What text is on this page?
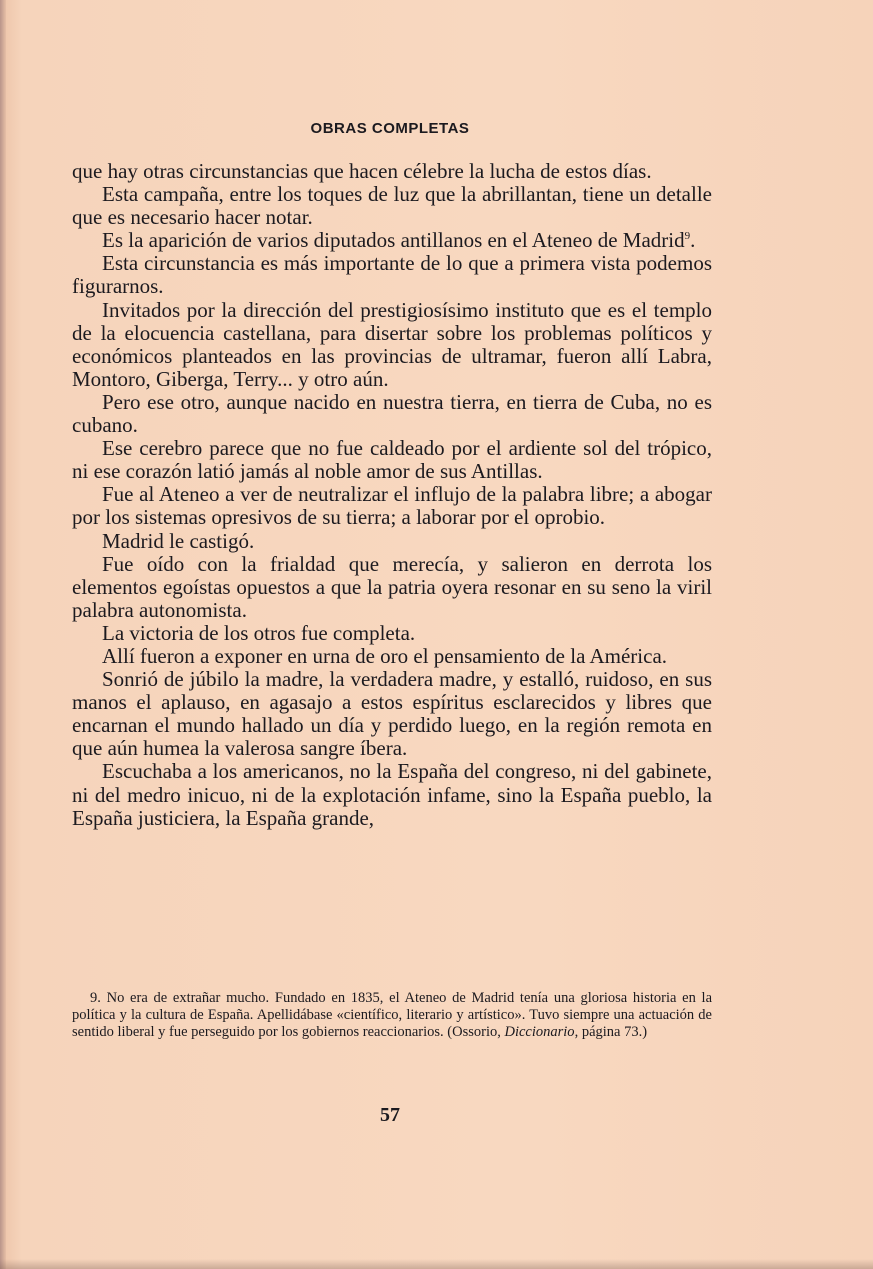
OBRAS COMPLETAS

que hay otras circunstancias que hacen célebre la lucha de estos días.

Esta campaña, entre los toques de luz que la abrillantan, tiene un detalle que es necesario hacer notar.

Es la aparición de varios diputados antillanos en el Ateneo de Madrid$^9$.

Esta circunstancia es más importante de lo que a primera vista podemos figurarnos.

Invitados por la dirección del prestigiosísimo instituto que es el templo de la elocuencia castellana, para disertar sobre los problemas políticos y económicos planteados en las provincias de ultramar, fueron allí Labra, Montoro, Giberga, Terry... y otro aún.

Pero ese otro, aunque nacido en nuestra tierra, en tierra de Cuba, no es cubano.

Ese cerebro parece que no fue caldeado por el ardiente sol del trópico, ni ese corazón latió jamás al noble amor de sus Antillas.

Fue al Ateneo a ver de neutralizar el influjo de la palabra libre; a abogar por los sistemas opresivos de su tierra; a laborar por el oprobio.

Madrid le castigó.

Fue oído con la frialdad que merecía, y salieron en derrota los elementos egoístas opuestos a que la patria oyera resonar en su seno la viril palabra autonomista.

La victoria de los otros fue completa.

Allí fueron a exponer en urna de oro el pensamiento de la América.

Sonrió de júbilo la madre, la verdadera madre, y estalló, ruidoso, en sus manos el aplauso, en agasajo a estos espíritus esclarecidos y libres que encarnan el mundo hallado un día y perdido luego, en la región remota en que aún humea la valerosa sangre íbera.

Escuchaba a los americanos, no la España del congreso, ni del gabinete, ni del medro inicuo, ni de la explotación infame, sino la España pueblo, la España justiciera, la España grande,

9. No era de extrañar mucho. Fundado en 1835, el Ateneo de Madrid tenía una gloriosa historia en la política y la cultura de España. Apellidábase «científico, literario y artístico». Tuvo siempre una actuación de sentido liberal y fue perseguido por los gobiernos reaccionarios. (Ossorio, Diccionario, página 73.)
57
